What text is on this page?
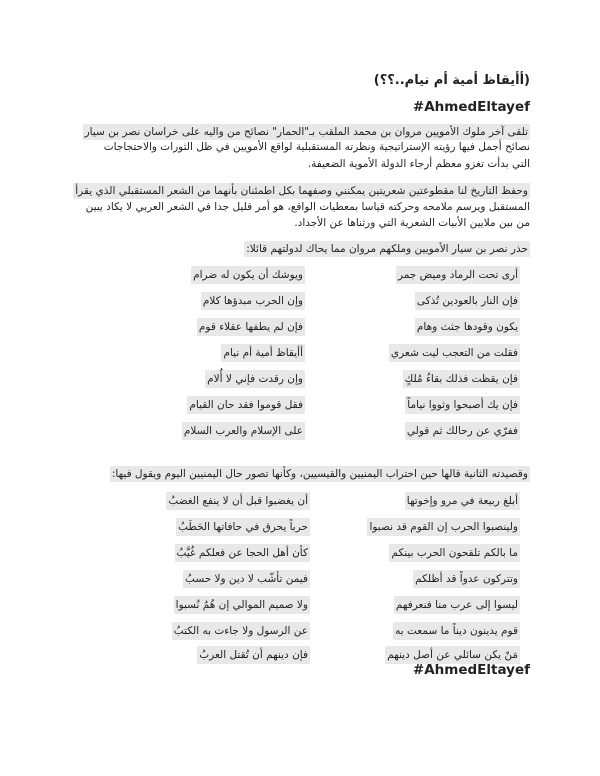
(أأيقاظ أمية أم نيام..؟؟)

#AhmedEltayef

تلقى آخر ملوك الأمويين مروان بن محمد الملقب بـ"الحمار" نصائح من واليه على خراسان نصر بن سيار

نصائح أجمل فيها رؤيته الإستراتيجية ونظرته المستقبلية لواقع الأمويين في ظل الثورات والاحتجاجات

التي بدأت تغزو معظم أرجاء الدولة الأموية الضعيفة.

وحفظ التاريخ لنا مقطوعتين شعريتين يمكنني وصفهما بكل اطمئنان بأنهما من الشعر المستقبلي الذي يقرأ

المستقبل ويرسم ملامحه وحركته قياسا بمعطيات الواقع، هو أمر قليل جدا في الشعر العربي لا يكاد يبين

من بين ملايين الأبيات الشعرية التي ورثناها عن الأجداد.

حذر نصر بن سيار الأمويين وملكهم مروان مما يحاك لدولتهم قائلا:

أرى تحت الرماد وميض جمر
ويوشك أن يكون له ضرام
فإن النار بالعودين تُذكى
وإن الحرب مبدؤها كلام
يكون وقودها جثث وهام
فإن لم يطفها عقلاء قوم
فقلت من التعجب ليت شعري
أأيقاظ أمية أم نيام
فإن يقظت فذلك بقاءُ مُلكٍ
وإن رقدت فإني لا أُلام
فإن يك أصبحوا وثووا نياماً
فقل قوموا فقد حان القيام
ففرّي عن رحالك ثم قولي
على الإسلام والعرب السلام

وقصيدته الثانية قالها حين احتراب اليمنيين والقيسيين، وكأنها تصور حال اليمنيين اليوم ويقول فيها:

أبلغ ربيعة في مرو وإخوتها
أن يغضبوا قبل أن لا ينفع الغضبُ
ولينصبوا الحرب إن القوم قد نصبوا
حرباً يحرق في حافاتها الحَطَبُ
ما بالكم تلقحون الحرب بينكم
كأن أهل الحجا عن فعلكم غُيَّبُ
وتتركون عدواً قد أظلكم
فيمن تأشّب لا دين ولا حسبُ
ليسوا إلى عرب منا فنعرفهم
ولا صميم الموالي إن هُمُ نُسبوا
قوم يدينون ديناً ما سمعت به
عن الرسول ولا جاءت به الكتبُ
مَنْ يكن سائلي عن أصل دينهم
فإن دينهم أن تُقتل العربُ

#AhmedEltayef
